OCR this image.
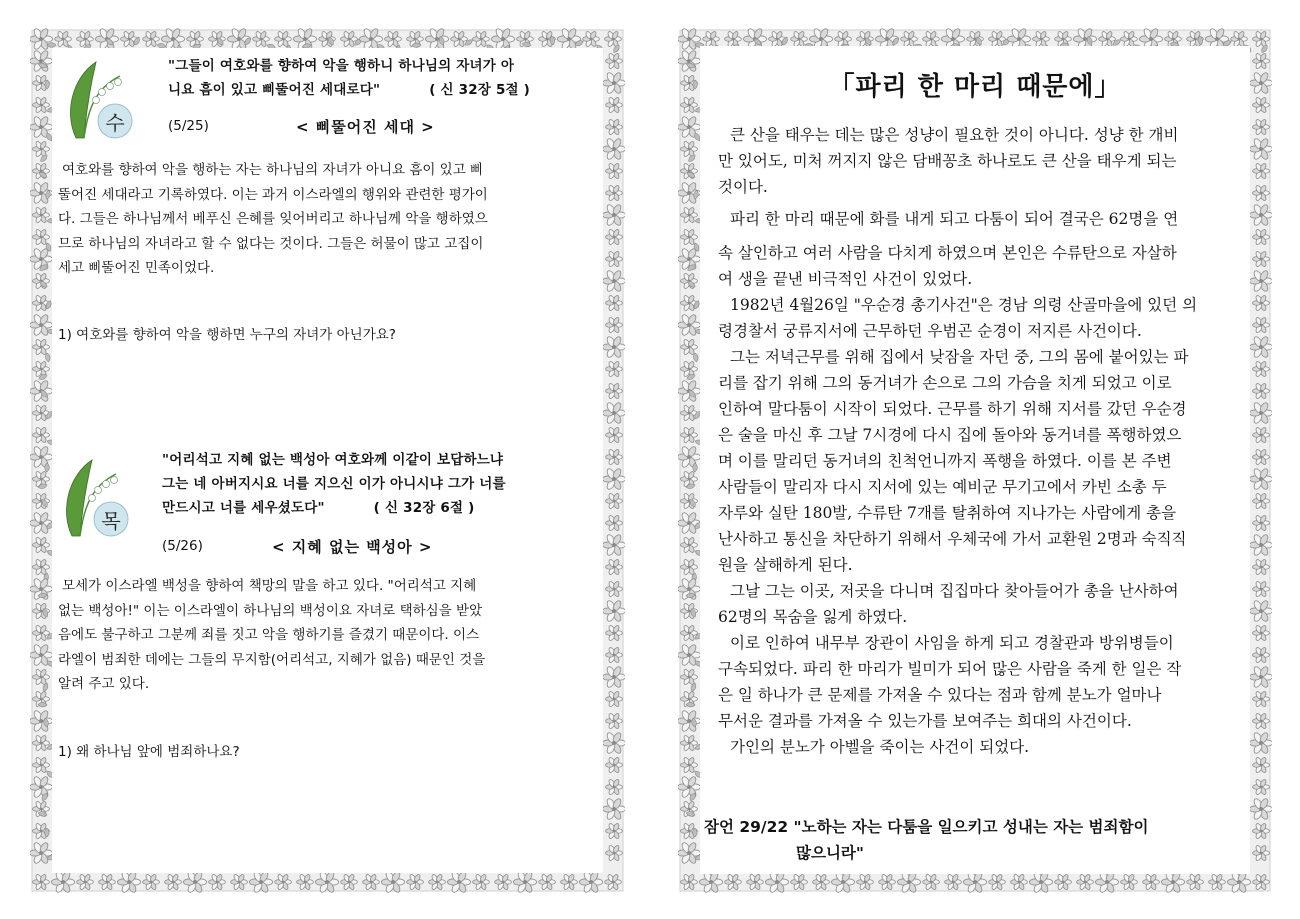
수
"그들이 여호와를 향하여 악을 행하니 하나님의 자녀가 아
니요 흠이 있고 삐뚤어진 세대로다"          ( 신 32장 5절 )
(5/25)	< 삐뚤어진 세대 >
여호와를 향하여 악을 행하는 자는 하나님의 자녀가 아니요 흠이 있고 삐
뚤어진 세대라고 기록하였다. 이는 과거 이스라엘의 행위와 관련한 평가이
다. 그들은 하나님께서 베푸신 은혜를 잊어버리고 하나님께 악을 행하였으
므로 하나님의 자녀라고 할 수 없다는 것이다. 그들은 허물이 많고 고집이
세고 삐뚤어진 민족이었다.
1) 여호와를 향하여 악을 행하면 누구의 자녀가 아닌가요?
목
"어리석고 지혜 없는 백성아 여호와께 이같이 보답하느냐
그는 네 아버지시요 너를 지으신 이가 아니시냐 그가 너를
만드시고 너를 세우셨도다"          ( 신 32장 6절 )
(5/26)	< 지혜 없는 백성아 >
모세가 이스라엘 백성을 향하여 책망의 말을 하고 있다. "어리석고 지혜
없는 백성아!" 이는 이스라엘이 하나님의 백성이요 자녀로 택하심을 받았
음에도 불구하고 그분께 죄를 짓고 악을 행하기를 즐겼기 때문이다. 이스
라엘이 범죄한 데에는 그들의 무지함(어리석고, 지혜가 없음) 때문인 것을
알려 주고 있다.
1) 왜 하나님 앞에 범죄하나요?
「파리 한 마리 때문에」
큰 산을 태우는 데는 많은 성냥이 필요한 것이 아니다. 성냥 한 개비
만 있어도, 미처 꺼지지 않은 담배꽁초 하나로도 큰 산을 태우게 되는
것이다.
파리 한 마리 때문에 화를 내게 되고 다툼이 되어 결국은 62명을 연
속 살인하고 여러 사람을 다치게 하였으며 본인은 수류탄으로 자살하
여 생을 끝낸 비극적인 사건이 있었다.
1982년 4월26일 "우순경 총기사건"은 경남 의령 산골마을에 있던 의
령경찰서 궁류지서에 근무하던 우범곤 순경이 저지른 사건이다.
그는 저녁근무를 위해 집에서 낮잠을 자던 중, 그의 몸에 붙어있는 파
리를 잡기 위해 그의 동거녀가 손으로 그의 가슴을 치게 되었고 이로
인하여 말다툼이 시작이 되었다. 근무를 하기 위해 지서를 갔던 우순경
은 술을 마신 후 그날 7시경에 다시 집에 돌아와 동거녀를 폭행하였으
며 이를 말리던 동거녀의 친척언니까지 폭행을 하였다. 이를 본 주변
사람들이 말리자 다시 지서에 있는 예비군 무기고에서 카빈 소총 두
자루와 실탄 180발, 수류탄 7개를 탈취하여 지나가는 사람에게 총을
난사하고 통신을 차단하기 위해서 우체국에 가서 교환원 2명과 숙직직
원을 살해하게 된다.
그날 그는 이곳, 저곳을 다니며 집집마다 찾아들어가 총을 난사하여
62명의 목숨을 잃게 하였다.
이로 인하여 내무부 장관이 사임을 하게 되고 경찰관과 방위병들이
구속되었다. 파리 한 마리가 빌미가 되어 많은 사람을 죽게 한 일은 작
은 일 하나가 큰 문제를 가져올 수 있다는 점과 함께 분노가 얼마나
무서운 결과를 가져올 수 있는가를 보여주는 희대의 사건이다.
가인의 분노가 아벨을 죽이는 사건이 되었다.
잠언 29/22 "노하는 자는 다툼을 일으키고 성내는 자는 범죄함이
많으니라"
